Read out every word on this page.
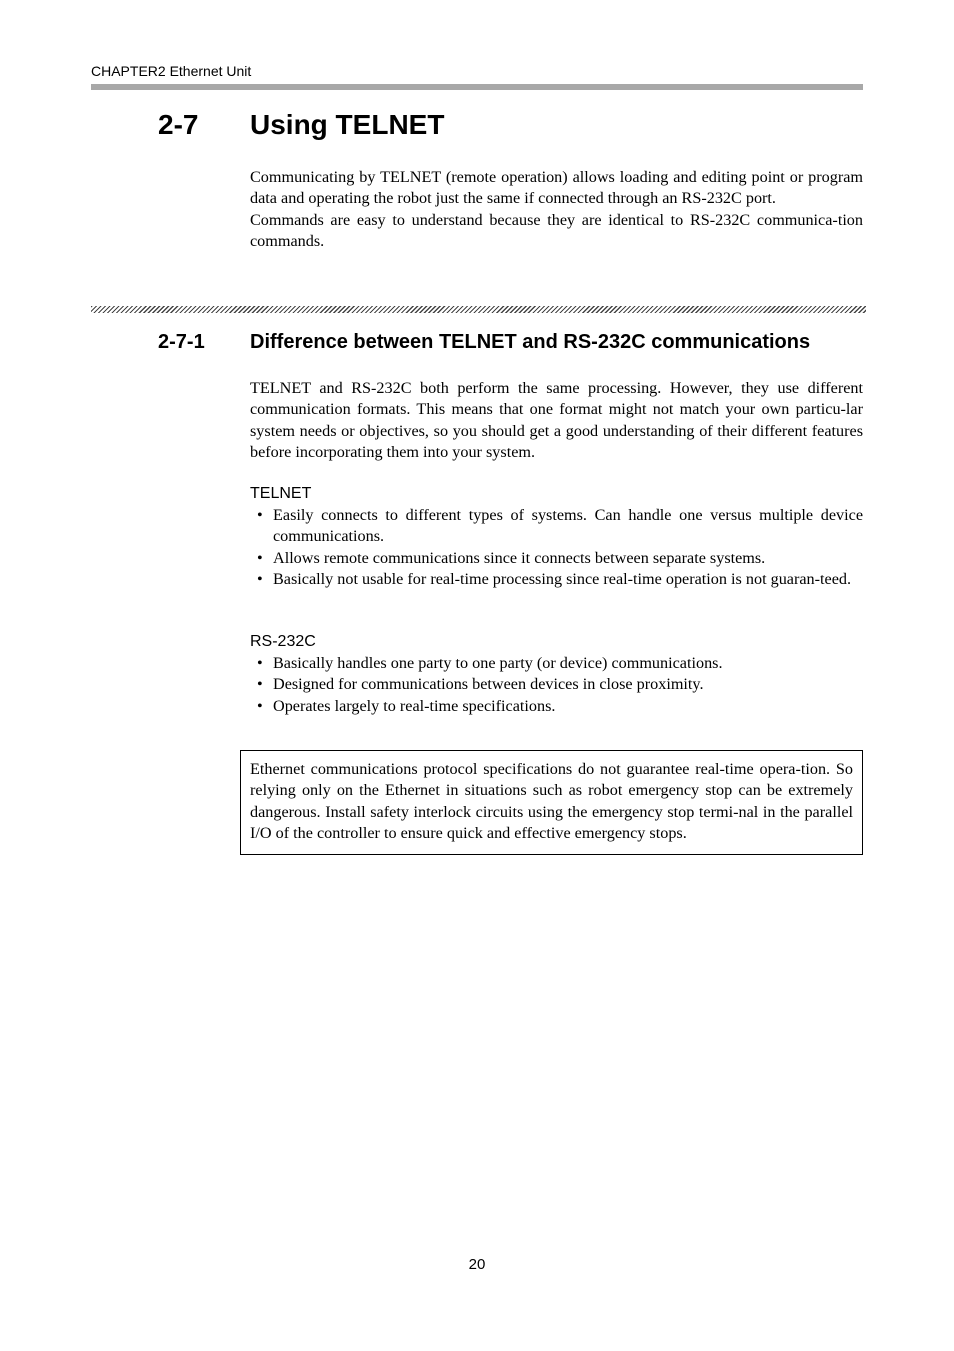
CHAPTER2 Ethernet Unit
2-7 Using TELNET

Communicating by TELNET (remote operation) allows loading and editing point or program data and operating the robot just the same if connected through an RS-232C port.

Commands are easy to understand because they are identical to RS-232C communica-tion commands.

2-7-1 Difference between TELNET and RS-232C communications

TELNET and RS-232C both perform the same processing. However, they use different communication formats. This means that one format might not match your own particu-lar system needs or objectives, so you should get a good understanding of their different features before incorporating them into your system.

TELNET
• Easily connects to different types of systems. Can handle one versus multiple device communications.
• Allows remote communications since it connects between separate systems.
• Basically not usable for real-time processing since real-time operation is not guaran-teed.
RS-232C
• Basically handles one party to one party (or device) communications.
• Designed for communications between devices in close proximity.
• Operates largely to real-time specifications.
Ethernet communications protocol specifications do not guarantee real-time opera-tion. So relying only on the Ethernet in situations such as robot emergency stop can be extremely dangerous. Install safety interlock circuits using the emergency stop termi-nal in the parallel I/O of the controller to ensure quick and effective emergency stops.
20
